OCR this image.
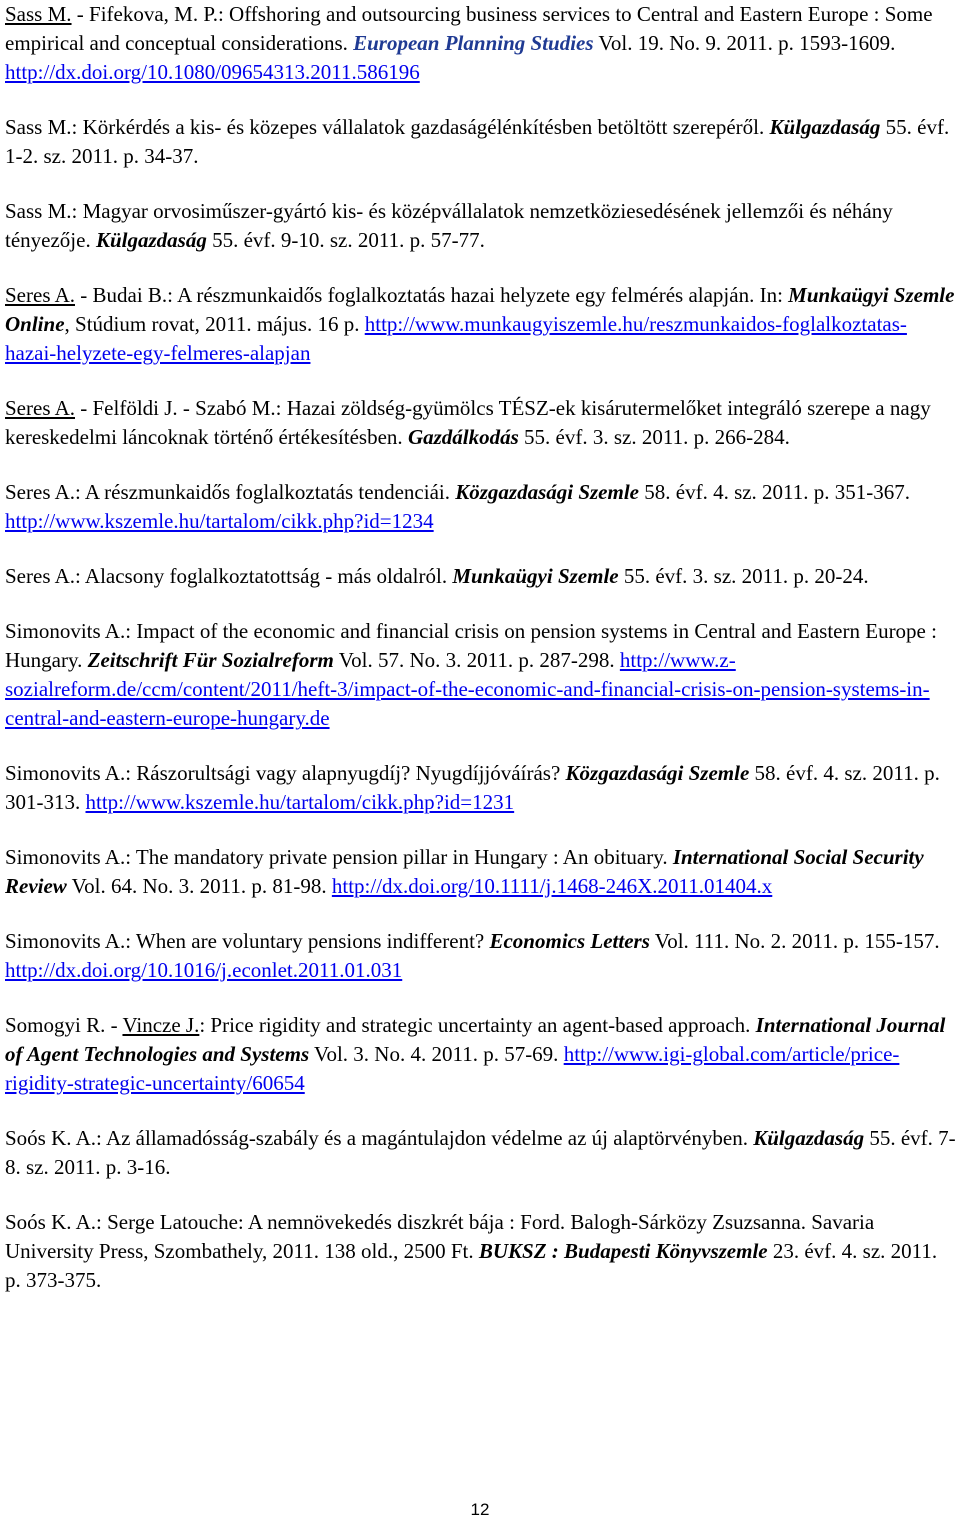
Sass M. - Fifekova, M. P.: Offshoring and outsourcing business services to Central and Eastern Europe : Some empirical and conceptual considerations. European Planning Studies Vol. 19. No. 9. 2011. p. 1593-1609. http://dx.doi.org/10.1080/09654313.2011.586196

Sass M.: Körkérdés a kis- és közepes vállalatok gazdaságélénkítésben betöltött szerepéről. Külgazdaság 55. évf. 1-2. sz. 2011. p. 34-37.

Sass M.: Magyar orvosiműszer-gyártó kis- és középvállalatok nemzetköziesedésének jellemzői és néhány tényezője. Külgazdaság 55. évf. 9-10. sz. 2011. p. 57-77.

Seres A. - Budai B.: A részmunkaidős foglalkoztatás hazai helyzete egy felmérés alapján. In: Munkaügyi Szemle Online, Stúdium rovat, 2011. május. 16 p. http://www.munkaugyiszemle.hu/reszmunkaidos-foglalkoztatas-hazai-helyzete-egy-felmeres-alapjan

Seres A. - Felföldi J. - Szabó M.: Hazai zöldség-gyümölcs TÉSZ-ek kisárutermelőket integráló szerepe a nagy kereskedelmi láncoknak történő értékesítésben. Gazdálkodás 55. évf. 3. sz. 2011. p. 266-284.

Seres A.: A részmunkaidős foglalkoztatás tendenciái. Közgazdasági Szemle 58. évf. 4. sz. 2011. p. 351-367. http://www.kszemle.hu/tartalom/cikk.php?id=1234

Seres A.: Alacsony foglalkoztatottság - más oldalról. Munkaügyi Szemle 55. évf. 3. sz. 2011. p. 20-24.

Simonovits A.: Impact of the economic and financial crisis on pension systems in Central and Eastern Europe : Hungary. Zeitschrift Für Sozialreform Vol. 57. No. 3. 2011. p. 287-298. http://www.z-sozialreform.de/ccm/content/2011/heft-3/impact-of-the-economic-and-financial-crisis-on-pension-systems-in-central-and-eastern-europe-hungary.de

Simonovits A.: Rászorultsági vagy alapnyugdíj? Nyugdíjjóváírás? Közgazdasági Szemle 58. évf. 4. sz. 2011. p. 301-313. http://www.kszemle.hu/tartalom/cikk.php?id=1231

Simonovits A.: The mandatory private pension pillar in Hungary : An obituary. International Social Security Review Vol. 64. No. 3. 2011. p. 81-98. http://dx.doi.org/10.1111/j.1468-246X.2011.01404.x

Simonovits A.: When are voluntary pensions indifferent? Economics Letters Vol. 111. No. 2. 2011. p. 155-157. http://dx.doi.org/10.1016/j.econlet.2011.01.031

Somogyi R. - Vincze J.: Price rigidity and strategic uncertainty an agent-based approach. International Journal of Agent Technologies and Systems Vol. 3. No. 4. 2011. p. 57-69. http://www.igi-global.com/article/price-rigidity-strategic-uncertainty/60654

Soós K. A.: Az államadósság-szabály és a magántulajdon védelme az új alaptörvényben. Külgazdaság 55. évf. 7-8. sz. 2011. p. 3-16.

Soós K. A.: Serge Latouche: A nemnövekedés diszkrét bája : Ford. Balogh-Sárközy Zsuzsanna. Savaria University Press, Szombathely, 2011. 138 old., 2500 Ft. BUKSZ : Budapesti Könyvszemle 23. évf. 4. sz. 2011. p. 373-375.

12
